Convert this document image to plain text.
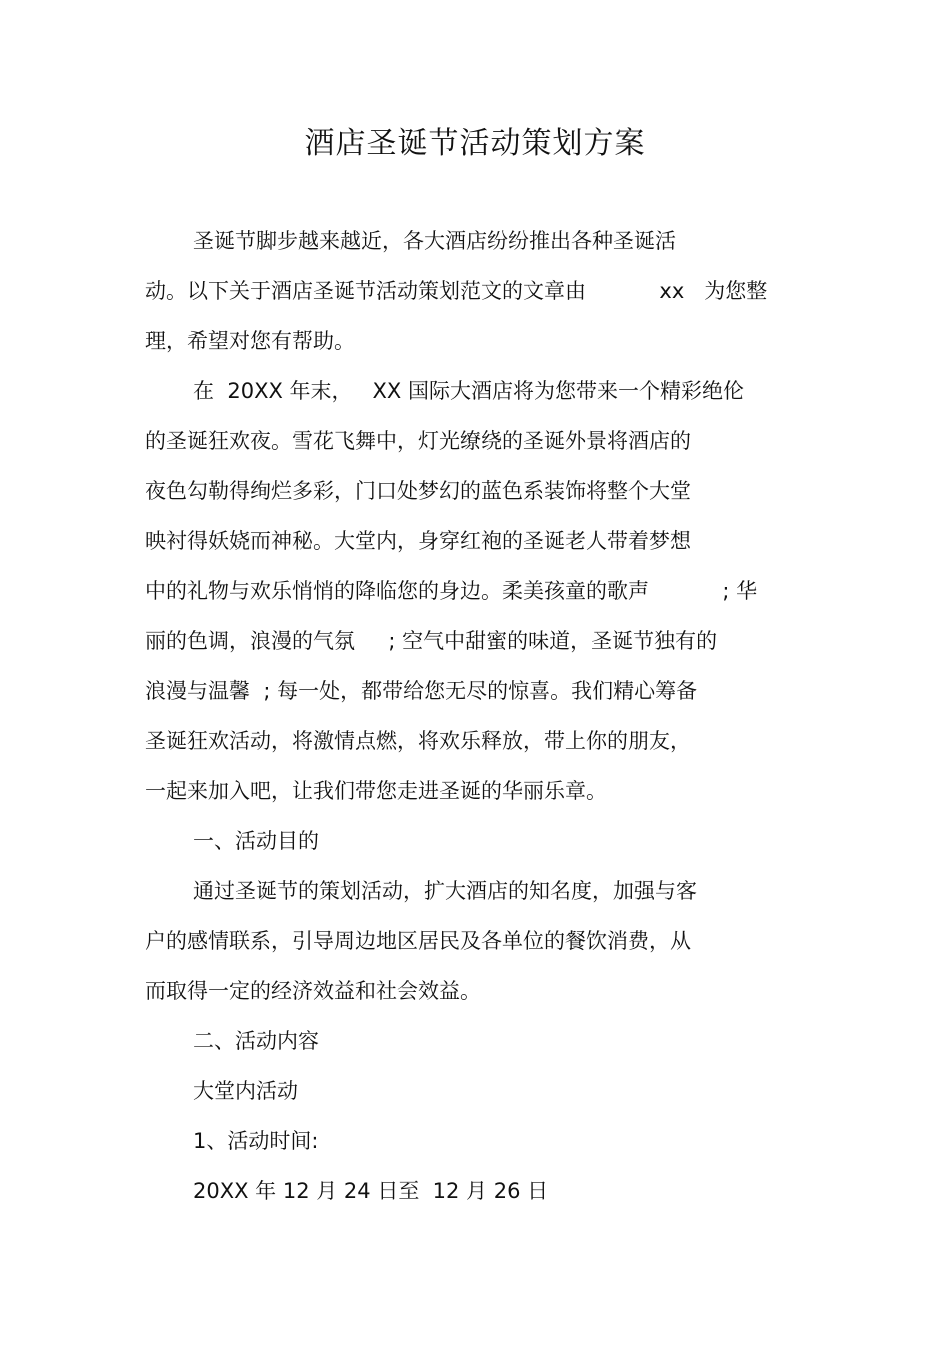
酒店圣诞节活动策划方案
圣诞节脚步越来越近，各大酒店纷纷推出各种圣诞活
动。以下关于酒店圣诞节活动策划范文的文章由           xx   为您整
理，希望对您有帮助。
在  20XX 年末，   XX 国际大酒店将为您带来一个精彩绝伦
的圣诞狂欢夜。雪花飞舞中，灯光缭绕的圣诞外景将酒店的
夜色勾勒得绚烂多彩，门口处梦幻的蓝色系装饰将整个大堂
映衬得妖娆而神秘。大堂内，身穿红袍的圣诞老人带着梦想
中的礼物与欢乐悄悄的降临您的身边。柔美孩童的歌声           ; 华
丽的色调，浪漫的气氛     ; 空气中甜蜜的味道，圣诞节独有的
浪漫与温馨  ; 每一处，都带给您无尽的惊喜。我们精心筹备
圣诞狂欢活动，将激情点燃，将欢乐释放，带上你的朋友，
一起来加入吧，让我们带您走进圣诞的华丽乐章。
一、活动目的
通过圣诞节的策划活动，扩大酒店的知名度，加强与客
户的感情联系，引导周边地区居民及各单位的餐饮消费，从
而取得一定的经济效益和社会效益。
二、活动内容
大堂内活动
1、活动时间:
20XX 年 12 月 24 日至  12 月 26 日
